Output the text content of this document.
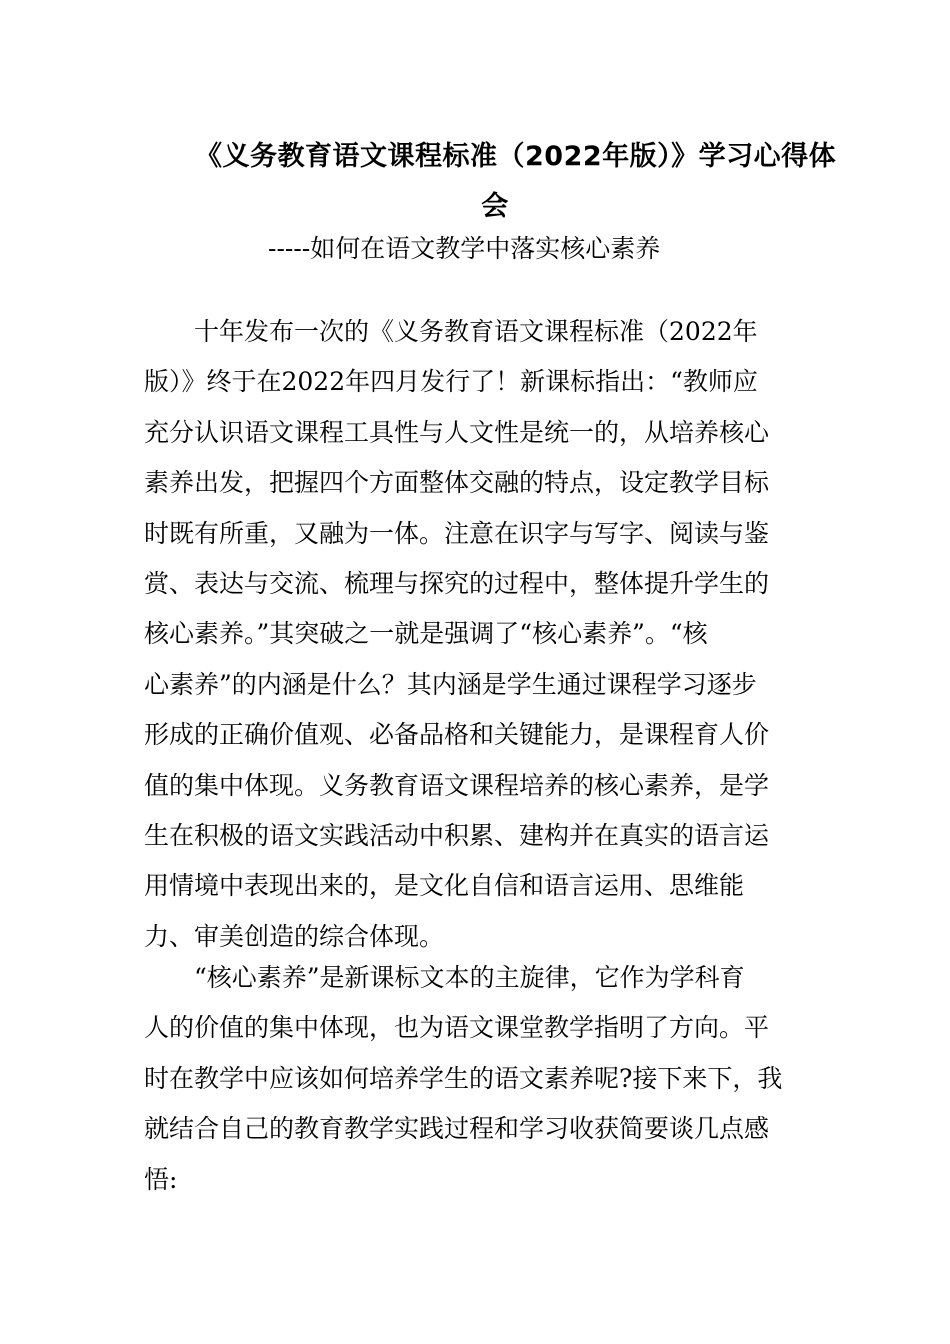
《义务教育语文课程标准（2022年版）》学习心得体
会

-----如何在语文教学中落实核心素养

　　十年发布一次的《义务教育语文课程标准（2022年
版）》终于在2022年四月发行了！新课标指出：“教师应
充分认识语文课程工具性与人文性是统一的，从培养核心
素养出发，把握四个方面整体交融的特点，设定教学目标
时既有所重，又融为一体。注意在识字与写字、阅读与鉴
赏、表达与交流、梳理与探究的过程中，整体提升学生的
核心素养。”其突破之一就是强调了“核心素养”。“核
心素养”的内涵是什么？其内涵是学生通过课程学习逐步
形成的正确价值观、必备品格和关键能力，是课程育人价
值的集中体现。义务教育语文课程培养的核心素养，是学
生在积极的语文实践活动中积累、建构并在真实的语言运
用情境中表现出来的，是文化自信和语言运用、思维能
力、审美创造的综合体现。
　　“核心素养”是新课标文本的主旋律，它作为学科育
人的价值的集中体现，也为语文课堂教学指明了方向。平
时在教学中应该如何培养学生的语文素养呢?接下来下，我
就结合自己的教育教学实践过程和学习收获简要谈几点感
悟:
